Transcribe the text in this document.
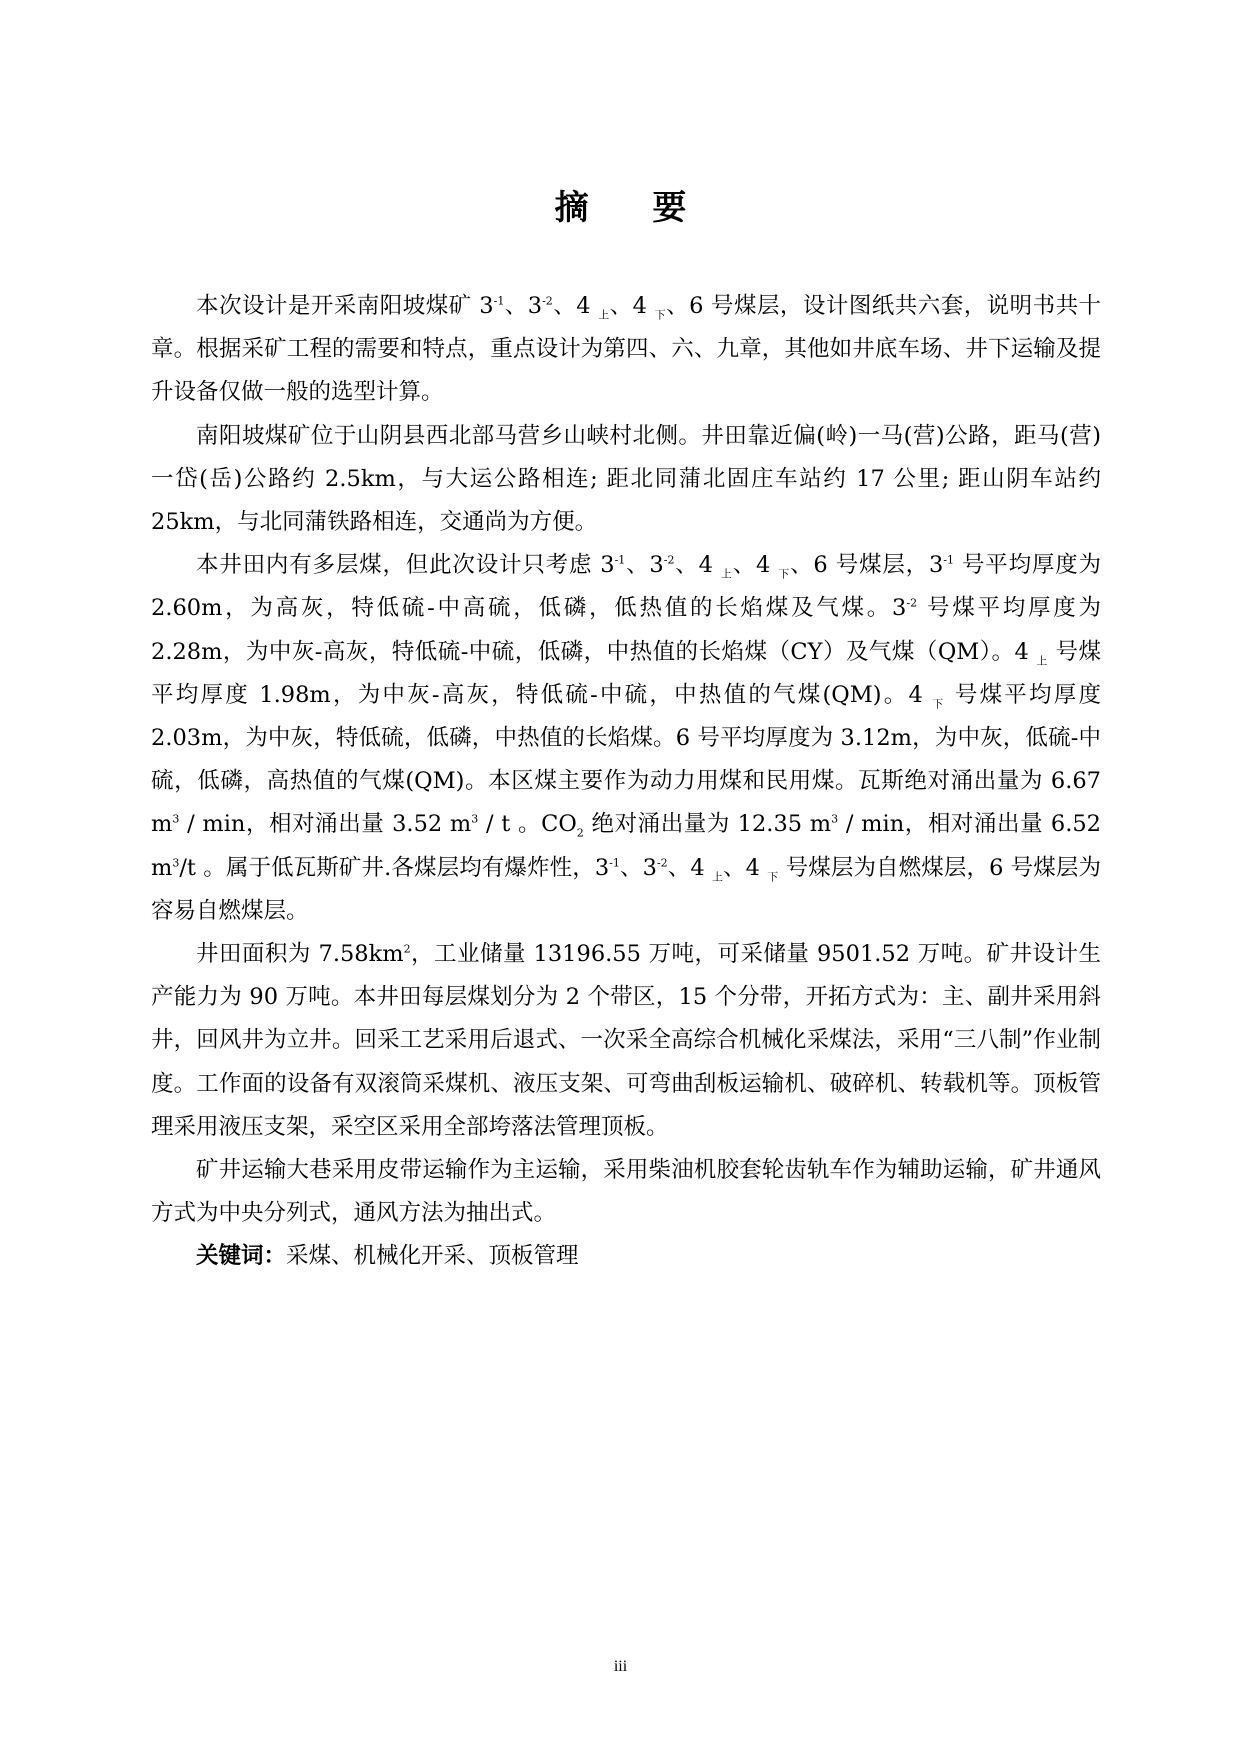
摘 要

本次设计是开采南阳坡煤矿 $3^{-1}$、$3^{-2}$、4 $_上$、4 $_下$、6 号煤层，设计图纸共六套，说明书共十章。根据采矿工程的需要和特点，重点设计为第四、六、九章，其他如井底车场、井下运输及提升设备仅做一般的选型计算。

南阳坡煤矿位于山阴县西北部马营乡山峡村北侧。井田靠近偏(岭)一马(营)公路，距马(营)一岱(岳)公路约 2.5km，与大运公路相连; 距北同蒲北固庄车站约 17 公里; 距山阴车站约 25km，与北同蒲铁路相连，交通尚为方便。

本井田内有多层煤，但此次设计只考虑 $3^{-1}$、$3^{-2}$、4 $_上$、4 $_下$、6 号煤层，$3^{-1}$ 号平均厚度为 2.60m，为高灰，特低硫-中高硫，低磷，低热值的长焰煤及气煤。$3^{-2}$ 号煤平均厚度为 2.28m，为中灰-高灰，特低硫-中硫，低磷，中热值的长焰煤（CY）及气煤（QM）。4 $_上$ 号煤平均厚度 1.98m，为中灰-高灰，特低硫-中硫，中热值的气煤(QM)。4 $_下$ 号煤平均厚度 2.03m，为中灰，特低硫，低磷，中热值的长焰煤。6 号平均厚度为 3.12m，为中灰，低硫-中硫，低磷，高热值的气煤(QM)。本区煤主要作为动力用煤和民用煤。瓦斯绝对涌出量为 6.67 $m^3$ / min，相对涌出量 3.52 $m^3$ / t 。$CO_2$ 绝对涌出量为 12.35 $m^3$ / min，相对涌出量 6.52 $m^3/t$ 。属于低瓦斯矿井.各煤层均有爆炸性，$3^{-1}$、$3^{-2}$、4 $_上$、4 $_下$ 号煤层为自燃煤层，6 号煤层为容易自燃煤层。

井田面积为 $7.58km^2$，工业储量 13196.55 万吨，可采储量 9501.52 万吨。矿井设计生产能力为 90 万吨。本井田每层煤划分为 2 个带区，15 个分带，开拓方式为：主、副井采用斜井，回风井为立井。回采工艺采用后退式、一次采全高综合机械化采煤法，采用“三八制”作业制度。工作面的设备有双滚筒采煤机、液压支架、可弯曲刮板运输机、破碎机、转载机等。顶板管理采用液压支架，采空区采用全部垮落法管理顶板。

矿井运输大巷采用皮带运输作为主运输，采用柴油机胶套轮齿轨车作为辅助运输，矿井通风方式为中央分列式，通风方法为抽出式。

关键词：采煤、机械化开采、顶板管理

iii
